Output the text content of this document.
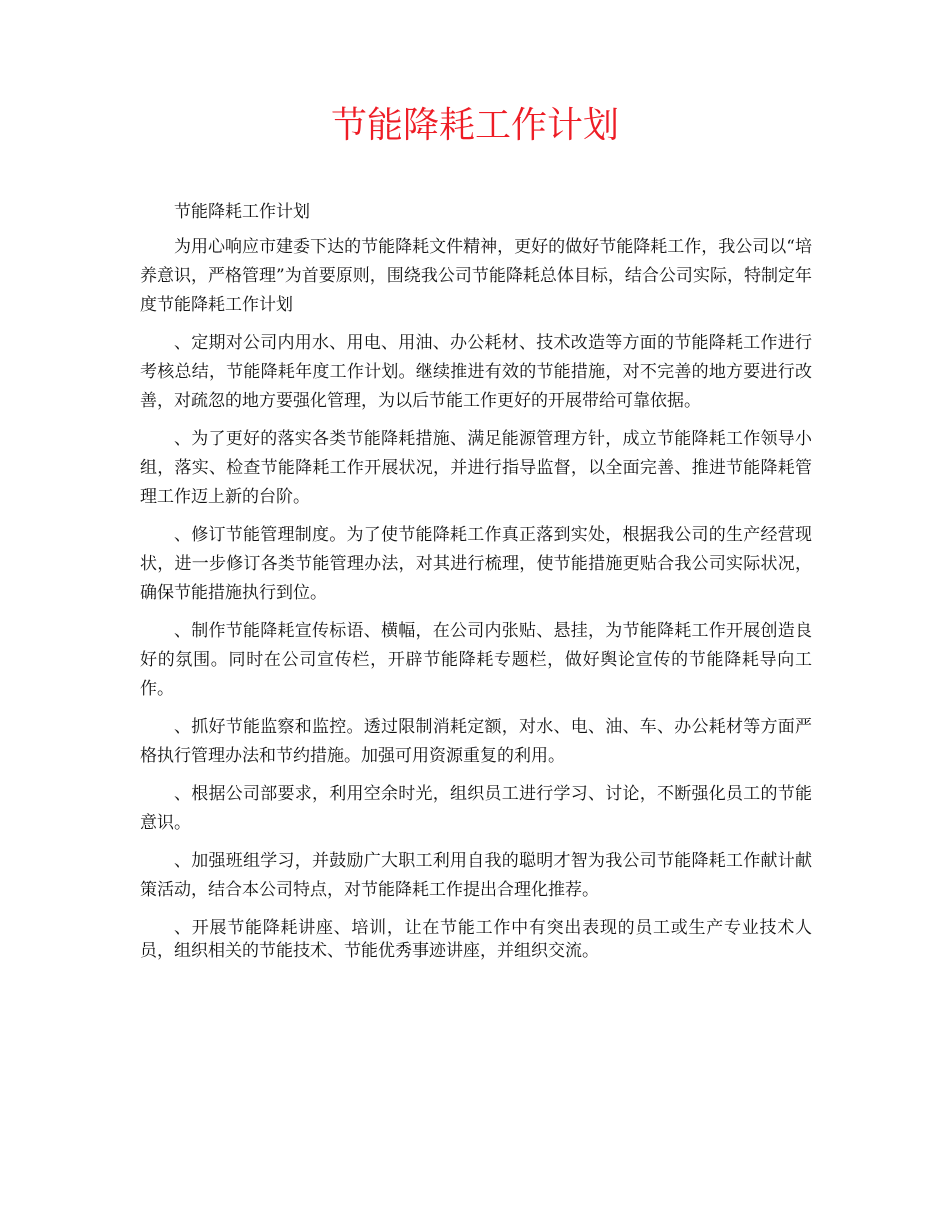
节能降耗工作计划

节能降耗工作计划

为用心响应市建委下达的节能降耗文件精神，更好的做好节能降耗工作，我公司以“培养意识，严格管理”为首要原则，围绕我公司节能降耗总体目标，结合公司实际，特制定年度节能降耗工作计划

、定期对公司内用水、用电、用油、办公耗材、技术改造等方面的节能降耗工作进行考核总结，节能降耗年度工作计划。继续推进有效的节能措施，对不完善的地方要进行改善，对疏忽的地方要强化管理，为以后节能工作更好的开展带给可靠依据。

、为了更好的落实各类节能降耗措施、满足能源管理方针，成立节能降耗工作领导小组，落实、检查节能降耗工作开展状况，并进行指导监督，以全面完善、推进节能降耗管理工作迈上新的台阶。

、修订节能管理制度。为了使节能降耗工作真正落到实处，根据我公司的生产经营现状，进一步修订各类节能管理办法，对其进行梳理，使节能措施更贴合我公司实际状况，确保节能措施执行到位。

、制作节能降耗宣传标语、横幅，在公司内张贴、悬挂，为节能降耗工作开展创造良好的氛围。同时在公司宣传栏，开辟节能降耗专题栏，做好舆论宣传的节能降耗导向工作。

、抓好节能监察和监控。透过限制消耗定额，对水、电、油、车、办公耗材等方面严格执行管理办法和节约措施。加强可用资源重复的利用。

、根据公司部要求，利用空余时光，组织员工进行学习、讨论，不断强化员工的节能意识。

、加强班组学习，并鼓励广大职工利用自我的聪明才智为我公司节能降耗工作献计献策活动，结合本公司特点，对节能降耗工作提出合理化推荐。

、开展节能降耗讲座、培训，让在节能工作中有突出表现的员工或生产专业技术人员，组织相关的节能技术、节能优秀事迹讲座，并组织交流。
